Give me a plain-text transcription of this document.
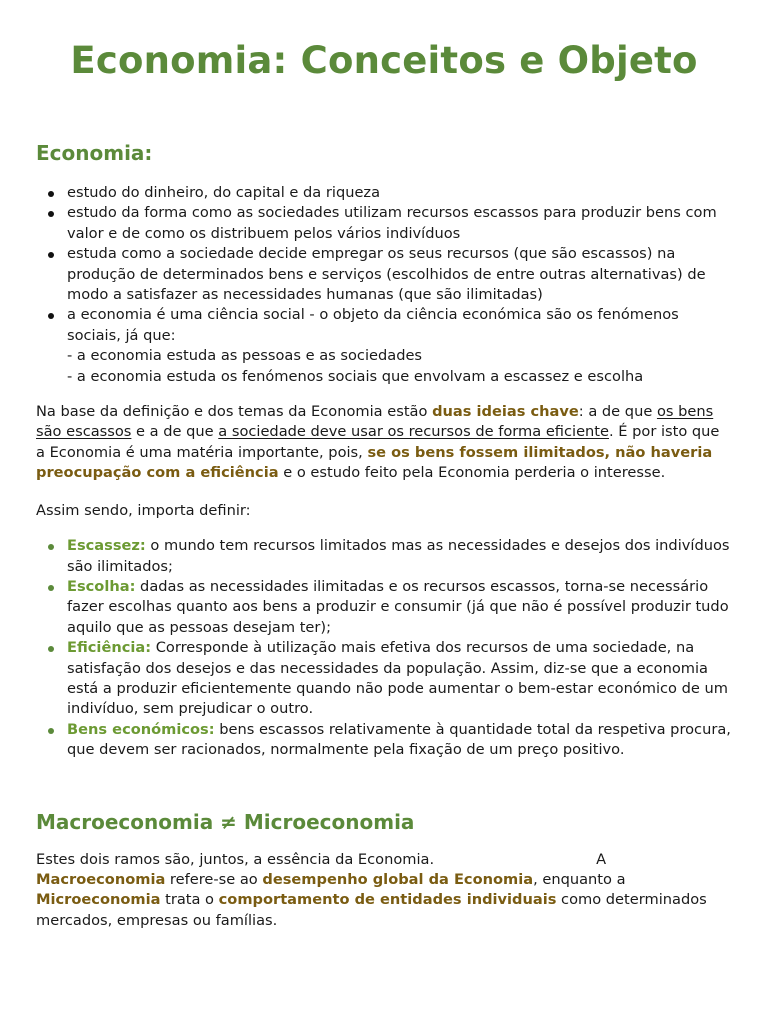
Economia: Conceitos e Objeto
Economia:
estudo do dinheiro, do capital e da riqueza
estudo da forma como as sociedades utilizam recursos escassos para produzir bens com valor e de como os distribuem pelos vários indivíduos
estuda como a sociedade decide empregar os seus recursos (que são escassos) na produção de determinados bens e serviços (escolhidos de entre outras alternativas) de modo a satisfazer as necessidades humanas (que são ilimitadas)
a economia é uma ciência social - o objeto da ciência económica são os fenómenos sociais, já que:
- a economia estuda as pessoas e as sociedades
- a economia estuda os fenómenos sociais que envolvam a escassez e escolha

Na base da definição e dos temas da Economia estão duas ideias chave: a de que os bens são escassos e a de que a sociedade deve usar os recursos de forma eficiente. É por isto que a Economia é uma matéria importante, pois, se os bens fossem ilimitados, não haveria preocupação com a eficiência e o estudo feito pela Economia perderia o interesse.

Assim sendo, importa definir:

Escassez: o mundo tem recursos limitados mas as necessidades e desejos dos indivíduos são ilimitados;
Escolha: dadas as necessidades ilimitadas e os recursos escassos, torna-se necessário fazer escolhas quanto aos bens a produzir e consumir (já que não é possível produzir tudo aquilo que as pessoas desejam ter);
Eficiência: Corresponde à utilização mais efetiva dos recursos de uma sociedade, na satisfação dos desejos e das necessidades da população. Assim, diz-se que a economia está a produzir eficientemente quando não pode aumentar o bem-estar económico de um indivíduo, sem prejudicar o outro.
Bens económicos: bens escassos relativamente à quantidade total da respetiva procura, que devem ser racionados, normalmente pela fixação de um preço positivo.
Macroeconomia ≠ Microeconomia

Estes dois ramos são, juntos, a essência da Economia.	A Macroeconomia refere-se ao desempenho global da Economia, enquanto a Microeconomia trata o comportamento de entidades individuais como determinados mercados, empresas ou famílias.
